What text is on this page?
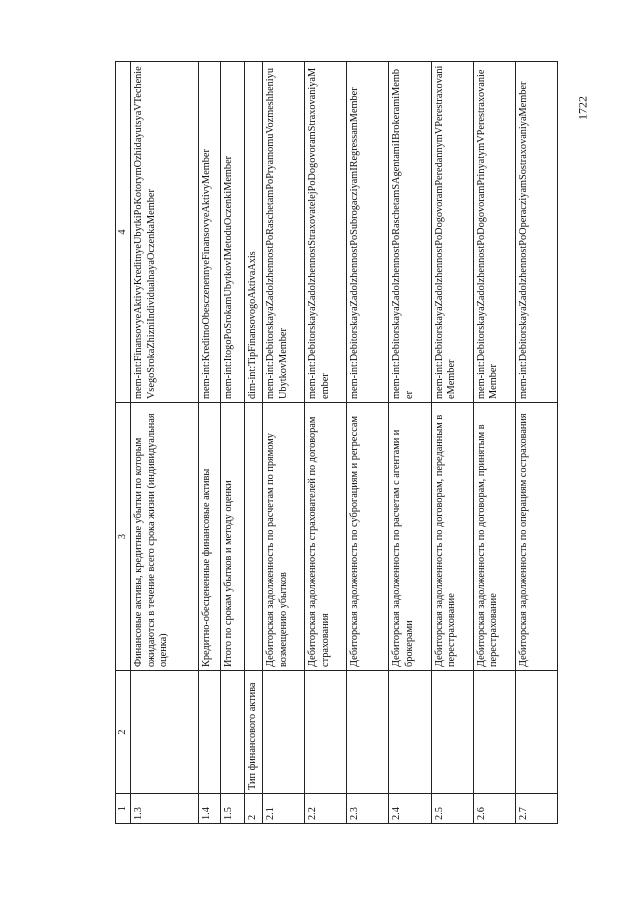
1722
1	2	3	4
1.3		Финансовые активы, кредитные убытки по которым ожидаются в течение всего срока жизни (индивидуальная оценка)	mem-int:FinansovyeAktivyKreditnyeUbytkiPoKotorymOzhidayutsyaVTechenieVsegoSrokaZhizniIndividualnayaOczenkaMember
1.4		Кредитно-обесцененные финансовые активы	mem-int:KreditnoObesczenennyeFinansovyeAktivyMember
1.5		Итого по срокам убытков и методу оценки	mem-int:ItogoPoSrokamUbytkovIMetoduOczenkiMember
2	Тип финансового актива		dim-int:TipFinansovogoAktivaAxis
2.1		Дебиторская задолженность по расчетам по прямому возмещению убытков	mem-int:DebitorskayaZadolzhennostPoRaschetamPoPryamomuVozmeshheniyuUbytkovMember
2.2		Дебиторская задолженность страхователей по договорам страхования	mem-int:DebitorskayaZadolzhennostStraxovatelejPoDogovoramStraxovaniyaMember
2.3		Дебиторская задолженность по суброгациям и регрессам	mem-int:DebitorskayaZadolzhennostPoSubrogacziyamIRegressamMember
2.4		Дебиторская задолженность по расчетам с агентами и брокерами	mem-int:DebitorskayaZadolzhennostPoRaschetamSAgentamiIBrokeramiMember
2.5		Дебиторская задолженность по договорам, переданным в перестрахование	mem-int:DebitorskayaZadolzhennostPoDogovoramPeredannymVPerestraxovanieMember
2.6		Дебиторская задолженность по договорам, принятым в перестрахование	mem-int:DebitorskayaZadolzhennostPoDogovoramPrinyatymVPerestraxovanieMember
2.7		Дебиторская задолженность по операциям сострахования	mem-int:DebitorskayaZadolzhennostPoOperacziyamSostraxovaniyaMember
